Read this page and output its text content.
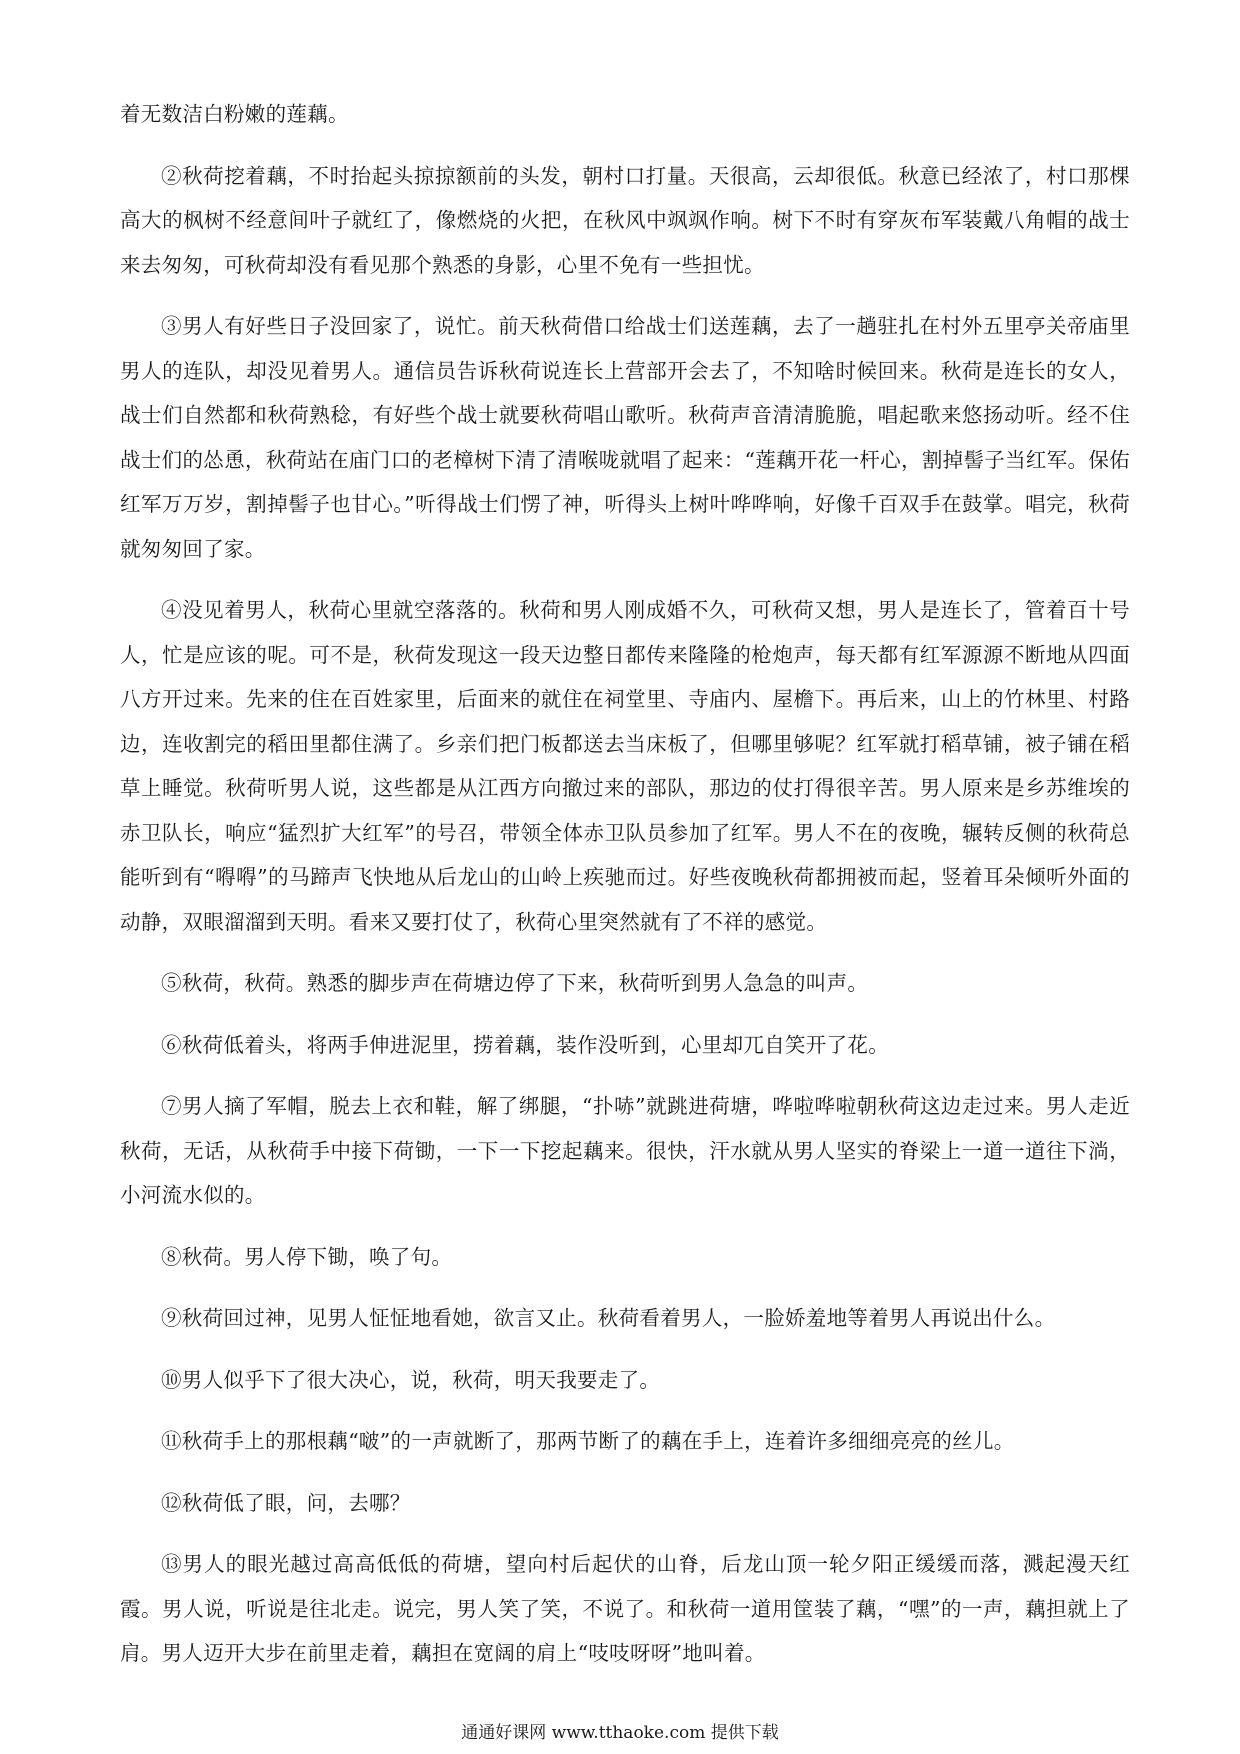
着无数洁白粉嫩的莲藕。

②秋荷挖着藕，不时抬起头掠掠额前的头发，朝村口打量。天很高，云却很低。秋意已经浓了，村口那棵高大的枫树不经意间叶子就红了，像燃烧的火把，在秋风中飒飒作响。树下不时有穿灰布军装戴八角帽的战士来去匆匆，可秋荷却没有看见那个熟悉的身影，心里不免有一些担忧。

③男人有好些日子没回家了，说忙。前天秋荷借口给战士们送莲藕，去了一趟驻扎在村外五里亭关帝庙里男人的连队，却没见着男人。通信员告诉秋荷说连长上营部开会去了，不知啥时候回来。秋荷是连长的女人，战士们自然都和秋荷熟稔，有好些个战士就要秋荷唱山歌听。秋荷声音清清脆脆，唱起歌来悠扬动听。经不住战士们的怂恿，秋荷站在庙门口的老樟树下清了清喉咙就唱了起来：“莲藕开花一杆心，割掉髻子当红军。保佑红军万万岁，割掉髻子也甘心。”听得战士们愣了神，听得头上树叶哗哗响，好像千百双手在鼓掌。唱完，秋荷就匆匆回了家。

④没见着男人，秋荷心里就空落落的。秋荷和男人刚成婚不久，可秋荷又想，男人是连长了，管着百十号人，忙是应该的呢。可不是，秋荷发现这一段天边整日都传来隆隆的枪炮声，每天都有红军源源不断地从四面八方开过来。先来的住在百姓家里，后面来的就住在祠堂里、寺庙内、屋檐下。再后来，山上的竹林里、村路边，连收割完的稻田里都住满了。乡亲们把门板都送去当床板了，但哪里够呢？红军就打稻草铺，被子铺在稻草上睡觉。秋荷听男人说，这些都是从江西方向撤过来的部队，那边的仗打得很辛苦。男人原来是乡苏维埃的赤卫队长，响应“猛烈扩大红军”的号召，带领全体赤卫队员参加了红军。男人不在的夜晚，辗转反侧的秋荷总能听到有“嘚嘚”的马蹄声飞快地从后龙山的山岭上疾驰而过。好些夜晚秋荷都拥被而起，竖着耳朵倾听外面的动静，双眼溜溜到天明。看来又要打仗了，秋荷心里突然就有了不祥的感觉。

⑤秋荷，秋荷。熟悉的脚步声在荷塘边停了下来，秋荷听到男人急急的叫声。

⑥秋荷低着头，将两手伸进泥里，捞着藕，装作没听到，心里却兀自笑开了花。

⑦男人摘了军帽，脱去上衣和鞋，解了绑腿，“扑哧”就跳进荷塘，哗啦哗啦朝秋荷这边走过来。男人走近秋荷，无话，从秋荷手中接下荷锄，一下一下挖起藕来。很快，汗水就从男人坚实的脊梁上一道一道往下淌，小河流水似的。

⑧秋荷。男人停下锄，唤了句。

⑨秋荷回过神，见男人怔怔地看她，欲言又止。秋荷看着男人，一脸娇羞地等着男人再说出什么。

⑩男人似乎下了很大决心，说，秋荷，明天我要走了。

⑪秋荷手上的那根藕“啵”的一声就断了，那两节断了的藕在手上，连着许多细细亮亮的丝儿。

⑫秋荷低了眼，问，去哪？

⑬男人的眼光越过高高低低的荷塘，望向村后起伏的山脊，后龙山顶一轮夕阳正缓缓而落，溅起漫天红霞。男人说，听说是往北走。说完，男人笑了笑，不说了。和秋荷一道用筐装了藕，“嘿”的一声，藕担就上了肩。男人迈开大步在前里走着，藕担在宽阔的肩上“吱吱呀呀”地叫着。

通通好课网 www.tthaoke.com 提供下载
